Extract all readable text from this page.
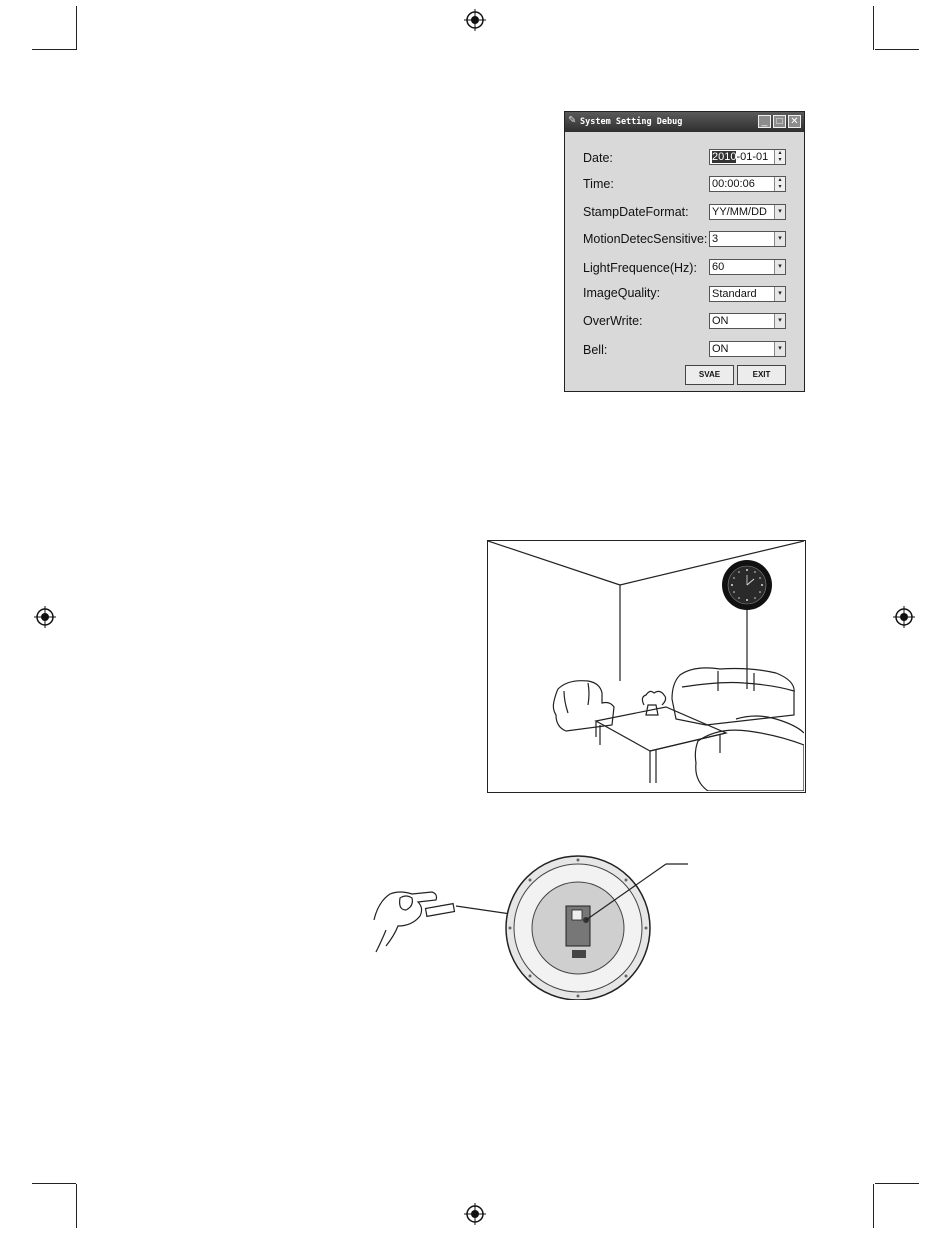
✎ System Setting Debug	_ □ ✕
Date:	2010-01-01	▴
▾
Time:	00:00:06	▴
▾
StampDateFormat: YY/MM/DD	▾
MotionDetecSensitive: 3	▾
LightFrequence(Hz): 60	▾
ImageQuality:	Standard	▾
OverWrite:	ON	▾
Bell:	ON	▾
SVAE	EXIT
